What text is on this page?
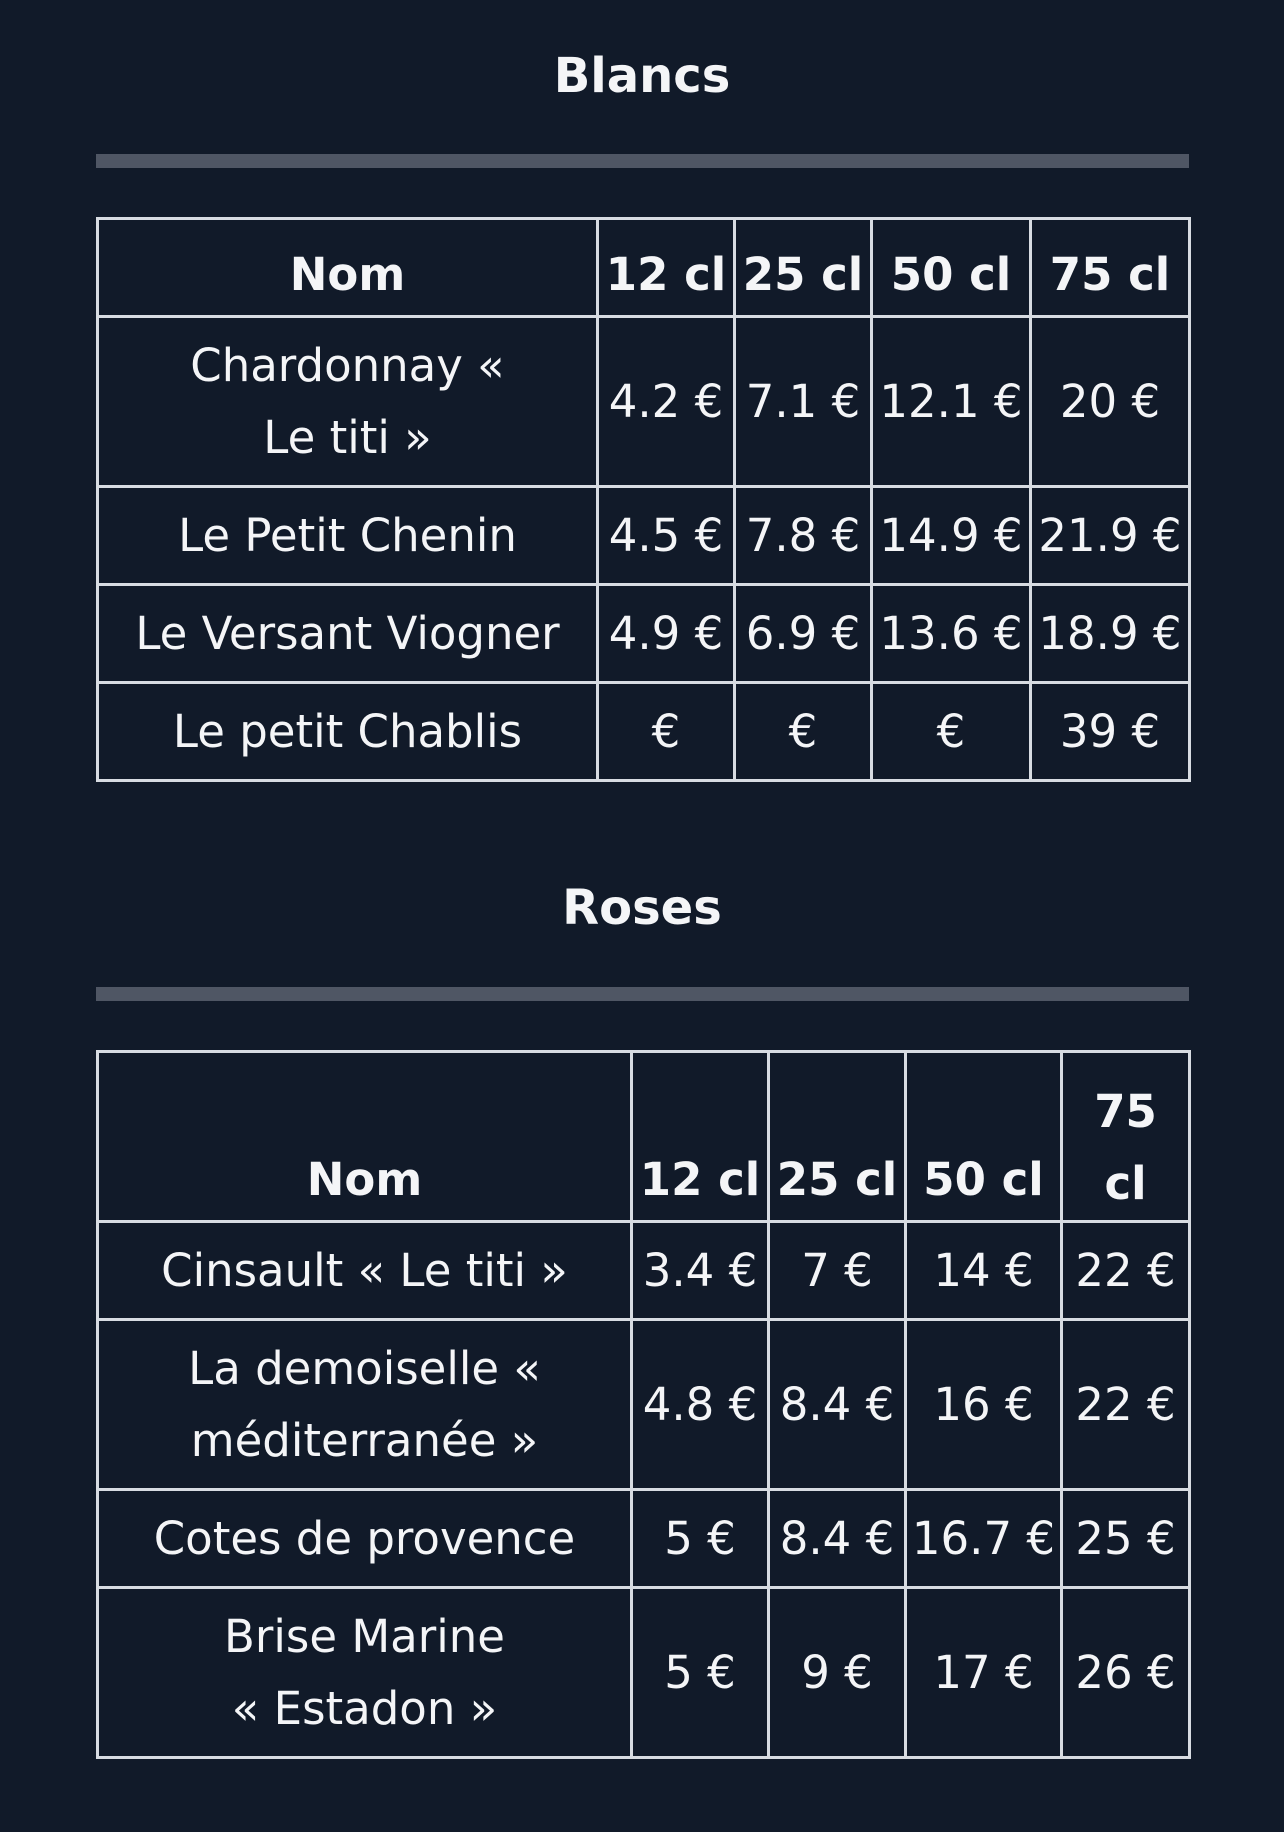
Blancs
Nom	12 cl	25 cl	50 cl	75 cl
Chardonnay « Le titi »	4.2 €	7.1 €	12.1 €	20 €
Le Petit Chenin	4.5 €	7.8 €	14.9 €	21.9 €
Le Versant Viogner	4.9 €	6.9 €	13.6 €	18.9 €
Le petit Chablis	€	€	€	39 €
Roses
Nom	12 cl	25 cl	50 cl	75 cl
Cinsault « Le titi »	3.4 €	7 €	14 €	22 €
La demoiselle « méditerranée »	4.8 €	8.4 €	16 €	22 €
Cotes de provence	5 €	8.4 €	16.7 €	25 €
Brise Marine « Estadon »	5 €	9 €	17 €	26 €
